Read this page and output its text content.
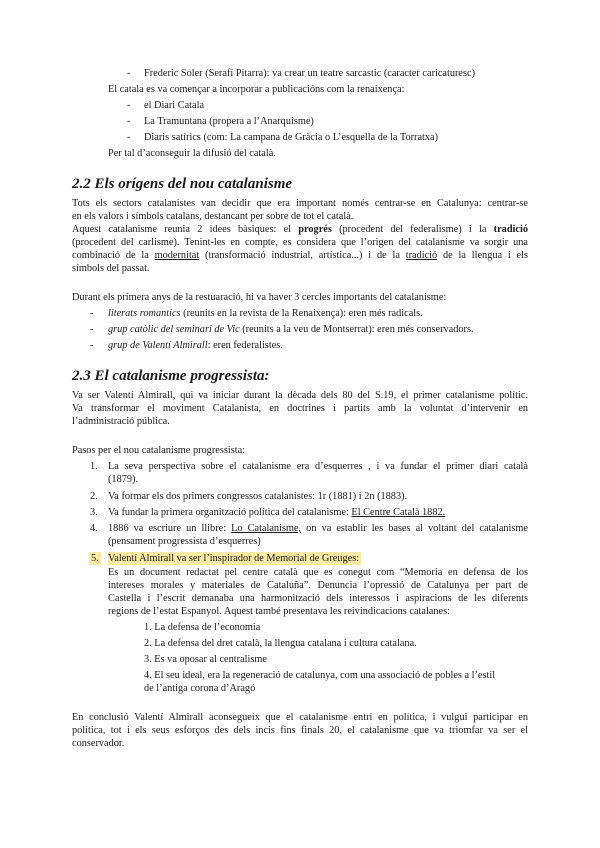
- Frederic Soler (Serafí Pitarra): va crear un teatre sarcastic (caracter caricaturesc)
El catala es va començar a incorporar a publicacións com la renaixença:
- el Diari Catala
- La Tramuntana (propera a l’Anarquisme)
- Diaris satírics (com: La campana de Gràcia o L’esquella de la Torratxa)
Per tal d’aconseguir la difusió del català.
2.2 Els orígens del nou catalanisme
Tots els sectors catalanistes van decidir que era important només centrar-se en Catalunya: centrar-se
en els valors i símbols catalans, destancant per sobre de tot el català.
Aquest catalanisme reunia 2 idees bàsiques: el progrés (procedent del federalisme) i la tradició
(procedent del carlisme). Tenint-les en compte, es considera que l’origen del catalanisme va sorgir una
combinació de la modernitat (transformació industrial, artística...) i de la tradició de la llengua i els
símbols del passat.
Durant els primera anys de la restuaració, hi va haver 3 cercles importants del catalanisme:
- literats romantics (reunits en la revista de la Renaixença): eren més radicals.
- grup catòlic del seminari de Vic (reunits a la veu de Montserrat): eren més conservadors.
- grup de Valentí Almirall: eren federalistes.
2.3 El catalanisme progressista:
Va ser Valentí Almirall, qui va iniciar durant la dècada dels 80 del S.19, el primer catalanisme polític.
Va transformar el moviment Catalanista, en doctrines i partits amb la voluntat d’intervenir en
l’administració pública.
Pasos per el nou catalanisme progressista:
1. La seva perspectiva sobre el catalanisme era d’esquerres , i va fundar el primer diari català
(1879).
2. Va formar els dos primers congressos catalanistes: 1r (1881) i 2n (1883).
3. Va fundar la primera organització política del catalanisme: El Centre Català 1882.
4. 1886 va escriure un llibre: Lo Catalanisme, on va establir les bases al voltant del catalanisme
(pensament progressista d’esquerres)
5. Valentí Almirall va ser l’inspirador de Memorial de Greuges:
Es un document redactat pel centre català que es conegut com “Memoria en defensa de los
intereses morales y materiales de Cataluña”. Denuncia l’opressió de Catalunya per part de
Castella i l’escrit demanaba una harmonització dels interessos i aspiracions de les diferents
regions de l’estat Espanyol. Aquest també presentava les reivindicacions catalanes:
1. La defensa de l’economia
2. La defensa del dret català, la llengua catalana i cultura catalana.
3. Es va oposar al centralisme
4. El seu ideal, era la regeneració de catalunya, com una associació de pobles a l’estil
de l’antiga corona d’Aragó
En conclusió Valentí Almirall aconsegueix que el catalanisme entri en política, i vulgui participar en
política, tot i els seus esforços des dels incis fins finals 20, el catalanisme que va triomfar va ser el
conservador.
